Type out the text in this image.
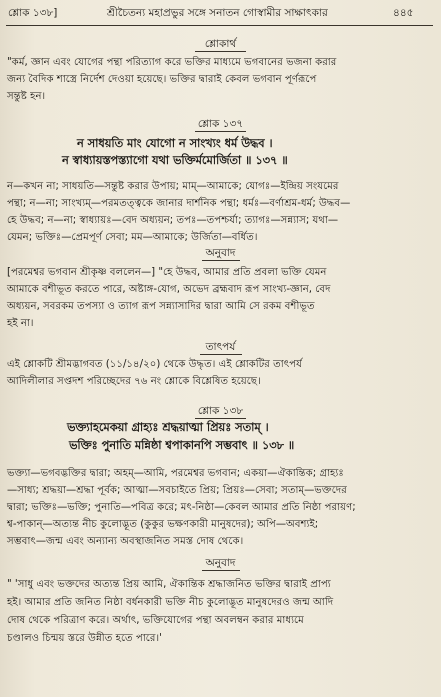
শ্লোক ১৩৮]	শ্রীচৈতন্য মহাপ্রভুর সঙ্গে সনাতন গোস্বামীর সাক্ষাৎকার	৪৪৫
শ্লোকার্থ
"কর্ম, জ্ঞান এবং যোগের পন্থা পরিত্যাগ করে ভক্তির মাধ্যমে ভগবানের ভজনা করার
জন্য বৈদিক শাস্ত্রে নির্দেশ দেওয়া হয়েছে। ভক্তির দ্বারাই কেবল ভগবান পূর্ণরূপে
সন্তুষ্ট হন।
শ্লোক ১৩৭
ন সাধয়তি মাং যোগো ন সাংখ্যং ধর্ম উদ্ধব ।
ন স্বাধ্যায়স্তপস্ত্যাগো যথা ভক্তির্মমোর্জিতা ॥ ১৩৭ ॥
ন—কখন না; সাধয়তি—সন্তুষ্ট করার উপায়; মাম্—আমাকে; যোগঃ—ইন্দ্রিয় সংযমের
পন্থা; ন—না; সাংখ্যম্—পরমতত্ত্বকে জানার দার্শনিক পন্থা; ধর্মঃ—বর্ণাশ্রম-ধর্ম; উদ্ধব—
হে উদ্ধব; ন—না; স্বাধ্যায়ঃ—বেদ অধ্যয়ন; তপঃ—তপশ্চর্যা; ত্যাগঃ—সন্ন্যাস; যথা—
যেমন; ভক্তিঃ—প্রেমপূর্ণ সেবা; মম—আমাকে; উর্জিতা—বর্ধিত।
অনুবাদ
[পরমেশ্বর ভগবান শ্রীকৃষ্ণ বললেন—] "হে উদ্ধব, আমার প্রতি প্রবলা ভক্তি যেমন
আমাকে বশীভূত করতে পারে, অষ্টাঙ্গ-যোগ, অভেদ ব্রহ্মবাদ রূপ সাংখ্য-জ্ঞান, বেদ
অধ্যয়ন, সবরকম তপস্যা ও ত্যাগ রূপ সন্ন্যাসাদির দ্বারা আমি সে রকম বশীভূত
হই না।
তাৎপর্য
এই শ্লোকটি শ্রীমদ্ভাগবত (১১/১৪/২০) থেকে উদ্ধৃত। এই শ্লোকটির তাৎপর্য
আদিলীলার সপ্তদশ পরিচ্ছেদের ৭৬ নং শ্লোকে বিশ্লেষিত হয়েছে।
শ্লোক ১৩৮
ভক্ত্যাহমেকয়া গ্রাহ্যঃ শ্রদ্ধয়াত্মা প্রিয়ঃ সতাম্ ।
ভক্তিঃ পুনাতি মন্নিষ্ঠা শ্বপাকানপি সম্ভবাৎ ॥ ১৩৮ ॥
ভক্ত্যা—ভগবদ্ভক্তির দ্বারা; অহম্—আমি, পরমেশ্বর ভগবান; একয়া—ঐকান্তিক; গ্রাহ্যঃ
—সাধ্য; শ্রদ্ধয়া—শ্রদ্ধা পূর্বক; আত্মা—সবচাইতে প্রিয়; প্রিয়ঃ—সেবা; সতাম্—ভক্তদের
দ্বারা; ভক্তিঃ—ভক্তি; পুনাতি—পবিত্র করে; মৎ-নিষ্ঠা—কেবল আমার প্রতি নিষ্ঠা পরায়ণ;
শ্ব-পাকান্—অত্যন্ত নীচ কুলোদ্ভূত (কুকুর ভক্ষণকারী মানুষদের); অপি—অবশ্যই;
সম্ভবাৎ—জন্ম এবং অন্যান্য অবস্থাজনিত সমস্ত দোষ থেকে।
অনুবাদ
" 'সাধু এবং ভক্তদের অত্যন্ত প্রিয় আমি, ঐকান্তিক শ্রদ্ধাজনিত ভক্তির দ্বারাই প্রাপ্য
হই। আমার প্রতি জনিত নিষ্ঠা বর্ধনকারী ভক্তি নীচ কুলোদ্ভূত মানুষদেরও জন্ম আদি
দোষ থেকে পরিত্রাণ করে। অর্থাৎ, ভক্তিযোগের পন্থা অবলম্বন করার মাধ্যমে
চণ্ডালও চিন্ময় স্তরে উন্নীত হতে পারে।'
